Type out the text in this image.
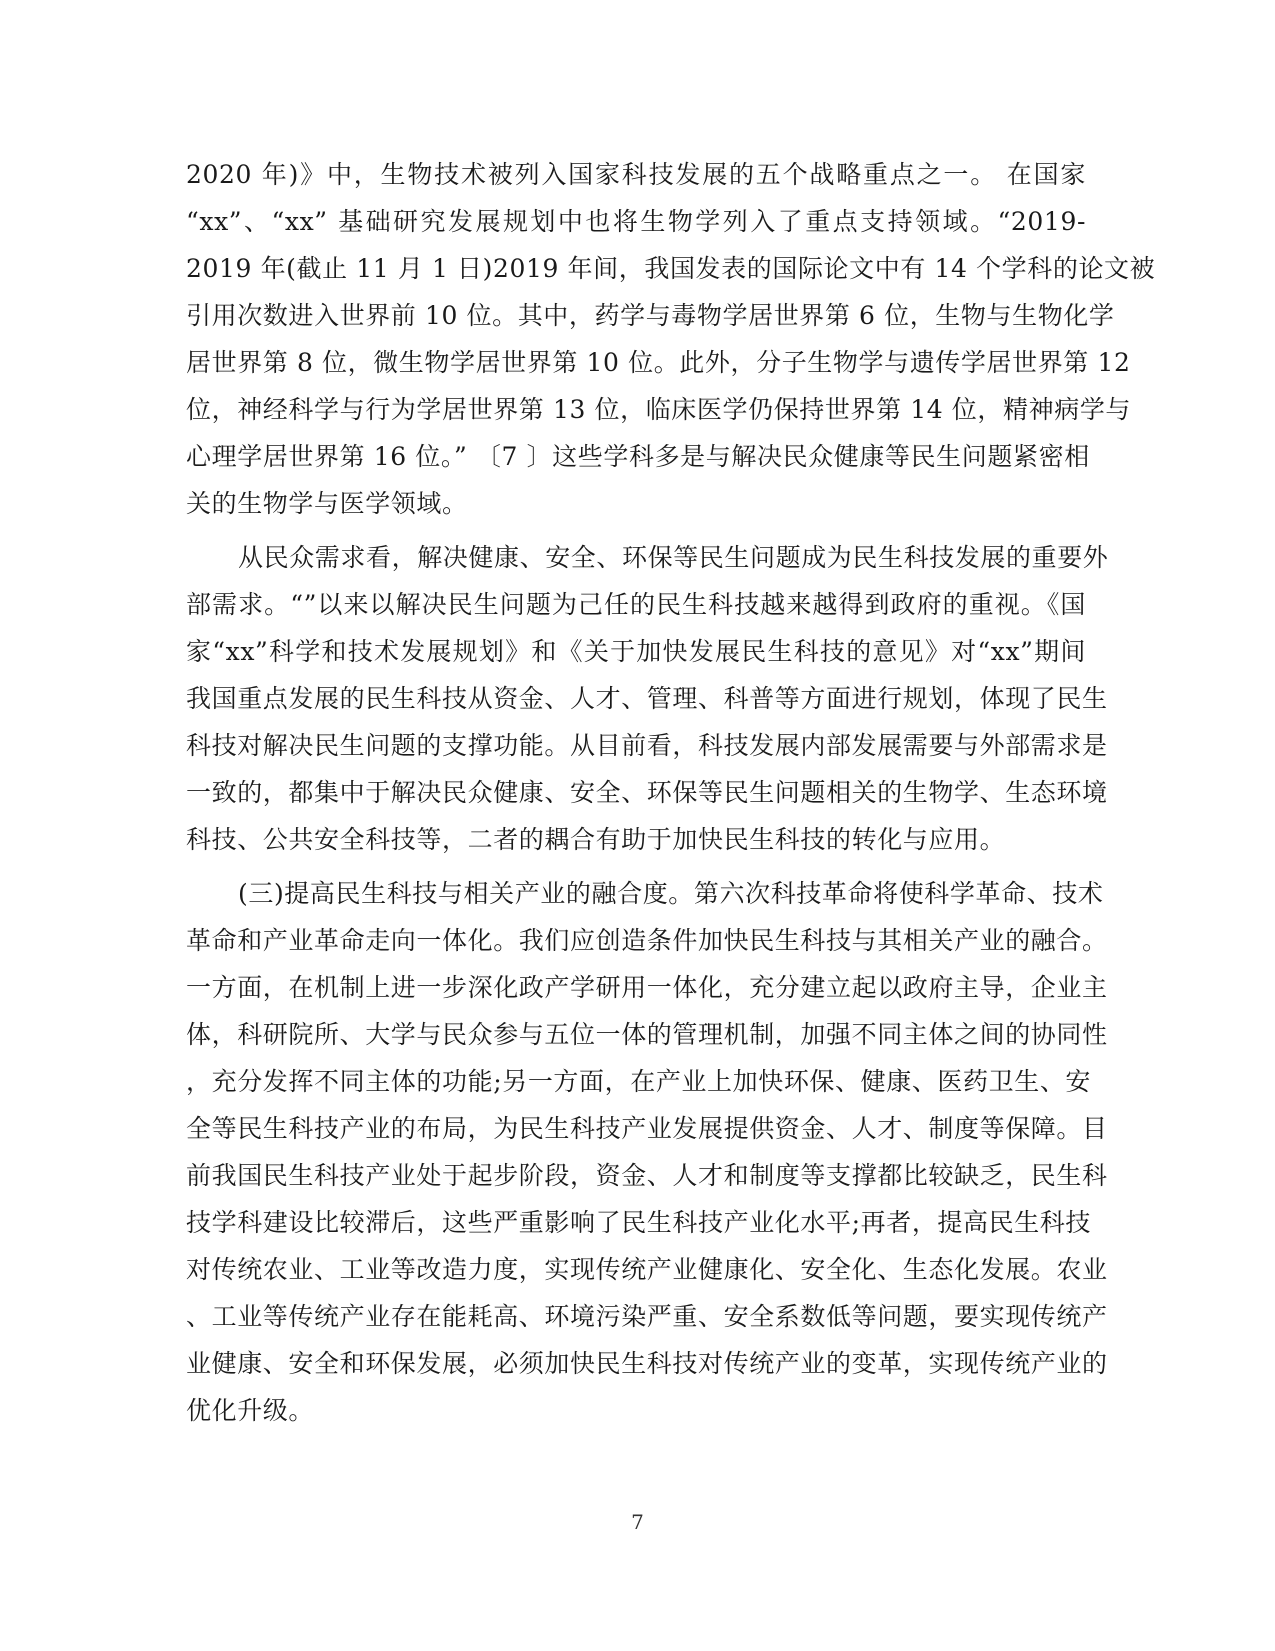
2020 年)》中，生物技术被列入国家科技发展的五个战略重点之一。 在国家
“xx”、“xx” 基础研究发展规划中也将生物学列入了重点支持领域。“2019-
2019 年(截止 11 月 1 日)2019 年间，我国发表的国际论文中有 14 个学科的论文被
引用次数进入世界前 10 位。其中，药学与毒物学居世界第 6 位，生物与生物化学
居世界第 8 位，微生物学居世界第 10 位。此外，分子生物学与遗传学居世界第 12
位，神经科学与行为学居世界第 13 位，临床医学仍保持世界第 14 位，精神病学与
心理学居世界第 16 位。” 〔7 〕这些学科多是与解决民众健康等民生问题紧密相
关的生物学与医学领域。
从民众需求看，解决健康、安全、环保等民生问题成为民生科技发展的重要外
部需求。“”以来以解决民生问题为己任的民生科技越来越得到政府的重视。《国
家“xx”科学和技术发展规划》和《关于加快发展民生科技的意见》对“xx”期间
我国重点发展的民生科技从资金、人才、管理、科普等方面进行规划，体现了民生
科技对解决民生问题的支撑功能。从目前看，科技发展内部发展需要与外部需求是
一致的，都集中于解决民众健康、安全、环保等民生问题相关的生物学、生态环境
科技、公共安全科技等，二者的耦合有助于加快民生科技的转化与应用。
(三)提高民生科技与相关产业的融合度。第六次科技革命将使科学革命、技术
革命和产业革命走向一体化。我们应创造条件加快民生科技与其相关产业的融合。
一方面，在机制上进一步深化政产学研用一体化，充分建立起以政府主导，企业主
体，科研院所、大学与民众参与五位一体的管理机制，加强不同主体之间的协同性
，充分发挥不同主体的功能;另一方面，在产业上加快环保、健康、医药卫生、安
全等民生科技产业的布局，为民生科技产业发展提供资金、人才、制度等保障。目
前我国民生科技产业处于起步阶段，资金、人才和制度等支撑都比较缺乏，民生科
技学科建设比较滞后，这些严重影响了民生科技产业化水平;再者，提高民生科技
对传统农业、工业等改造力度，实现传统产业健康化、安全化、生态化发展。农业
、工业等传统产业存在能耗高、环境污染严重、安全系数低等问题，要实现传统产
业健康、安全和环保发展，必须加快民生科技对传统产业的变革，实现传统产业的
优化升级。
7
